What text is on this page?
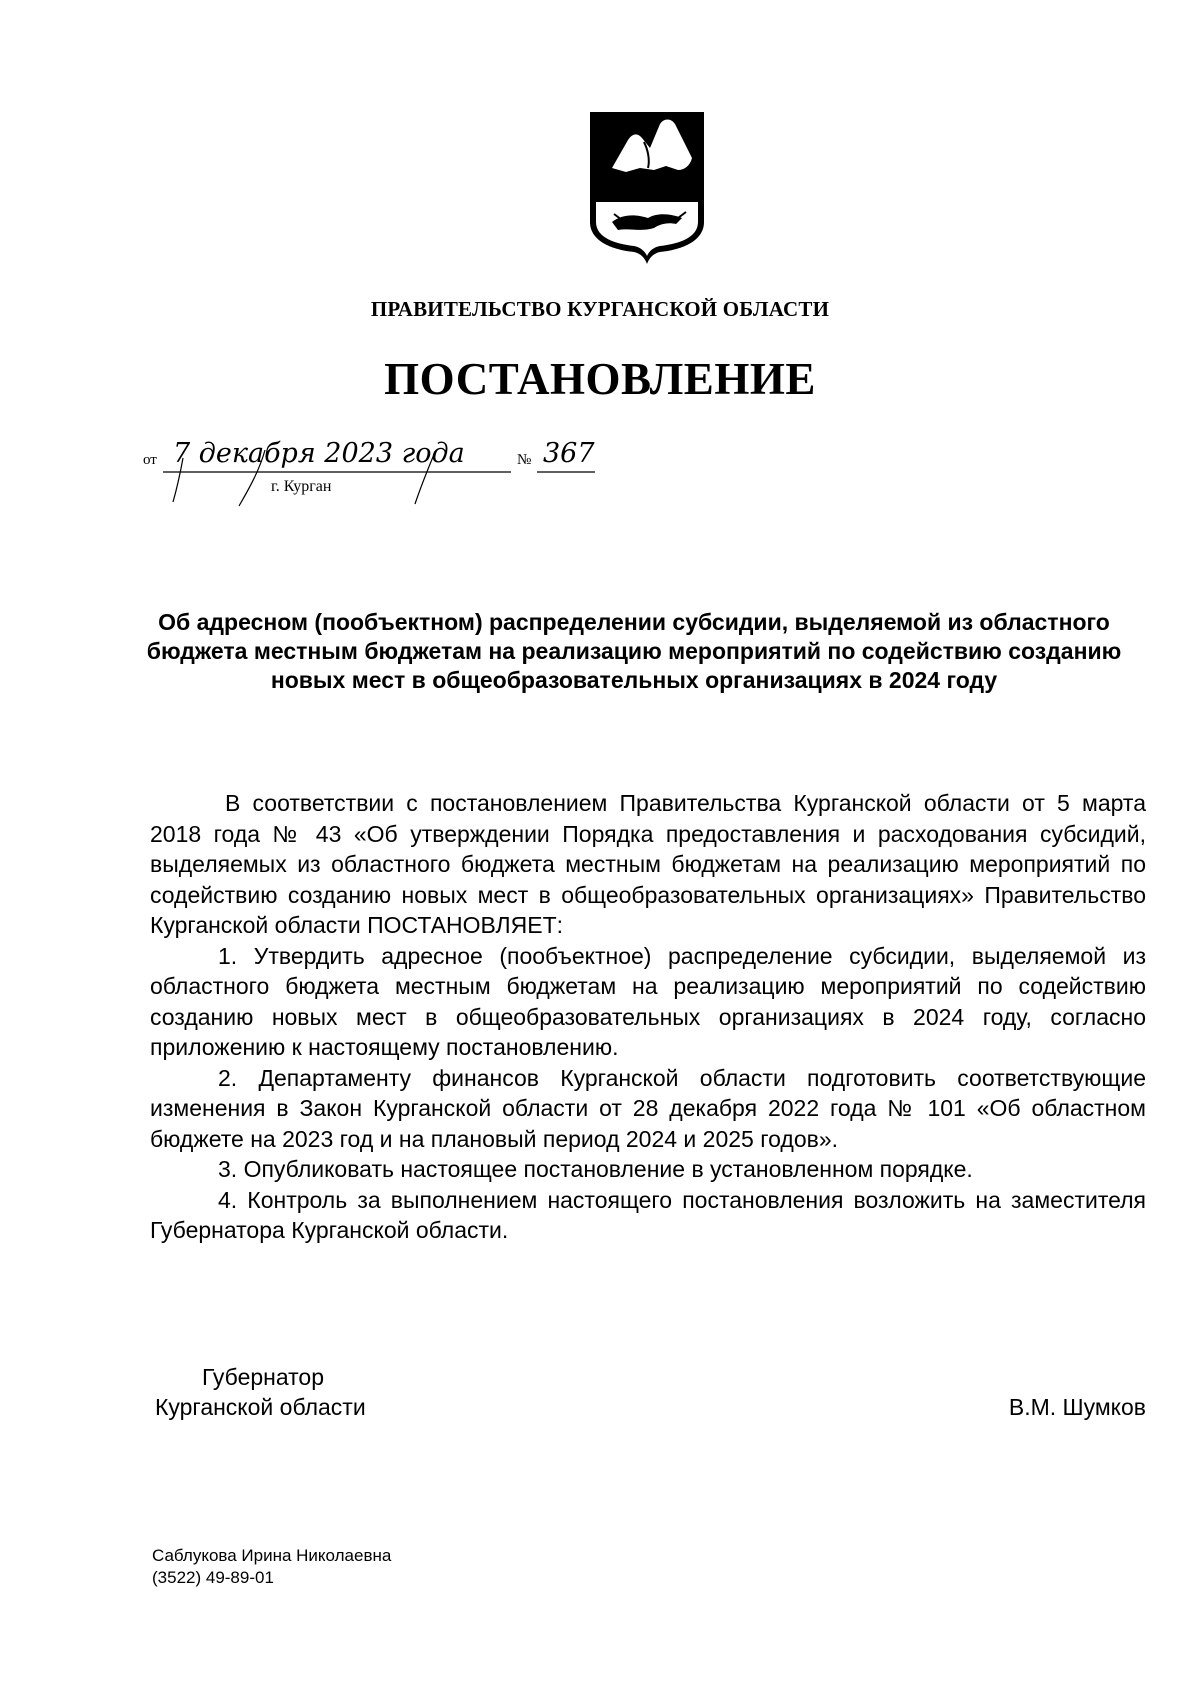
ПРАВИТЕЛЬСТВО КУРГАНСКОЙ ОБЛАСТИ
ПОСТАНОВЛЕНИЕ
от 7 декабря 2023 года	№ 367
г. Курган

Об адресном (пообъектном) распределении субсидии, выделяемой из областного бюджета местным бюджетам на реализацию мероприятий по содействию созданию новых мест в общеобразовательных организациях в 2024 году

В соответствии с постановлением Правительства Курганской области от 5 марта 2018 года № 43 «Об утверждении Порядка предоставления и расходования субсидий, выделяемых из областного бюджета местным бюджетам на реализацию мероприятий по содействию созданию новых мест в общеобразовательных организациях» Правительство Курганской области ПОСТАНОВЛЯЕТ:

1. Утвердить адресное (пообъектное) распределение субсидии, выделяемой из областного бюджета местным бюджетам на реализацию мероприятий по содействию созданию новых мест в общеобразовательных организациях в 2024 году, согласно приложению к настоящему постановлению.

2. Департаменту финансов Курганской области подготовить соответствующие изменения в Закон Курганской области от 28 декабря 2022 года № 101 «Об областном бюджете на 2023 год и на плановый период 2024 и 2025 годов».

3. Опубликовать настоящее постановление в установленном порядке.

4. Контроль за выполнением настоящего постановления возложить на заместителя Губернатора Курганской области.

Губернатор
Курганской области	В.М. Шумков
Саблукова Ирина Николаевна
(3522) 49-89-01
